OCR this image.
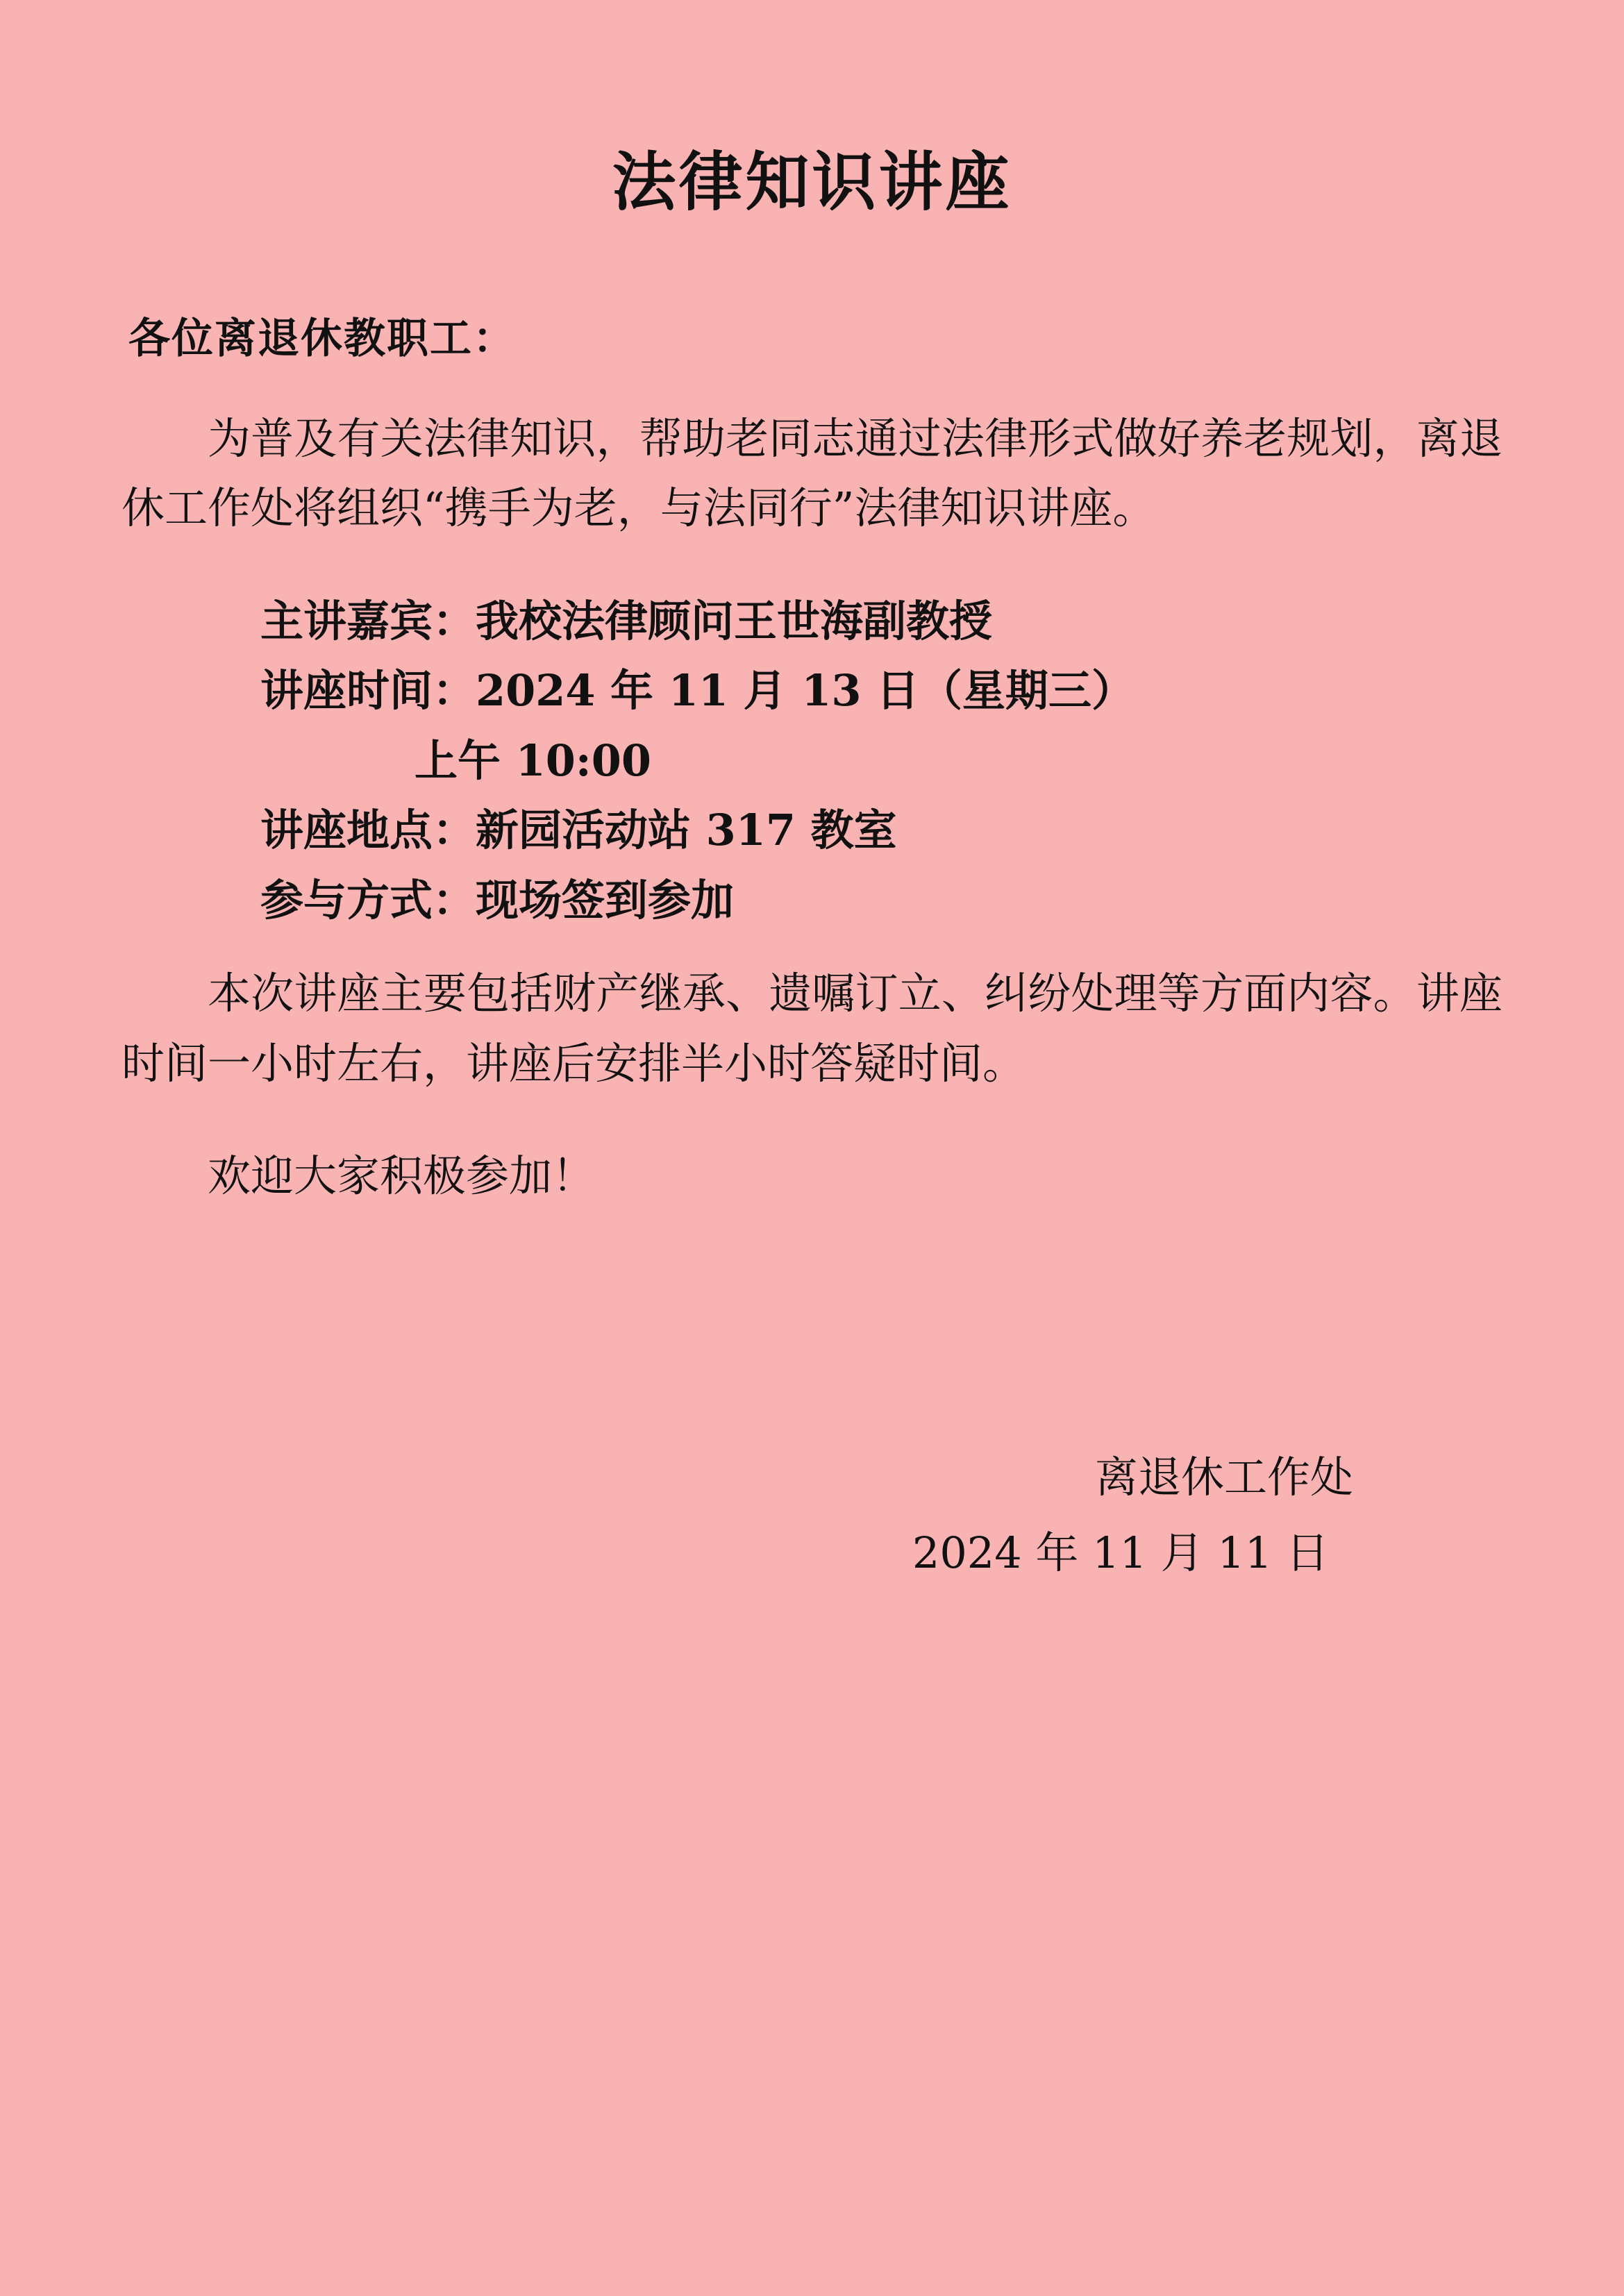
法律知识讲座
各位离退休教职工：

为普及有关法律知识，帮助老同志通过法律形式做好养老规划，离退休工作处将组织“携手为老，与法同行”法律知识讲座。

主讲嘉宾：我校法律顾问王世海副教授
讲座时间：2024 年 11 月 13 日（星期三）
上午 10:00
讲座地点：新园活动站 317 教室
参与方式：现场签到参加

本次讲座主要包括财产继承、遗嘱订立、纠纷处理等方面内容。讲座时间一小时左右，讲座后安排半小时答疑时间。

欢迎大家积极参加！

离退休工作处
2024 年 11 月 11 日
